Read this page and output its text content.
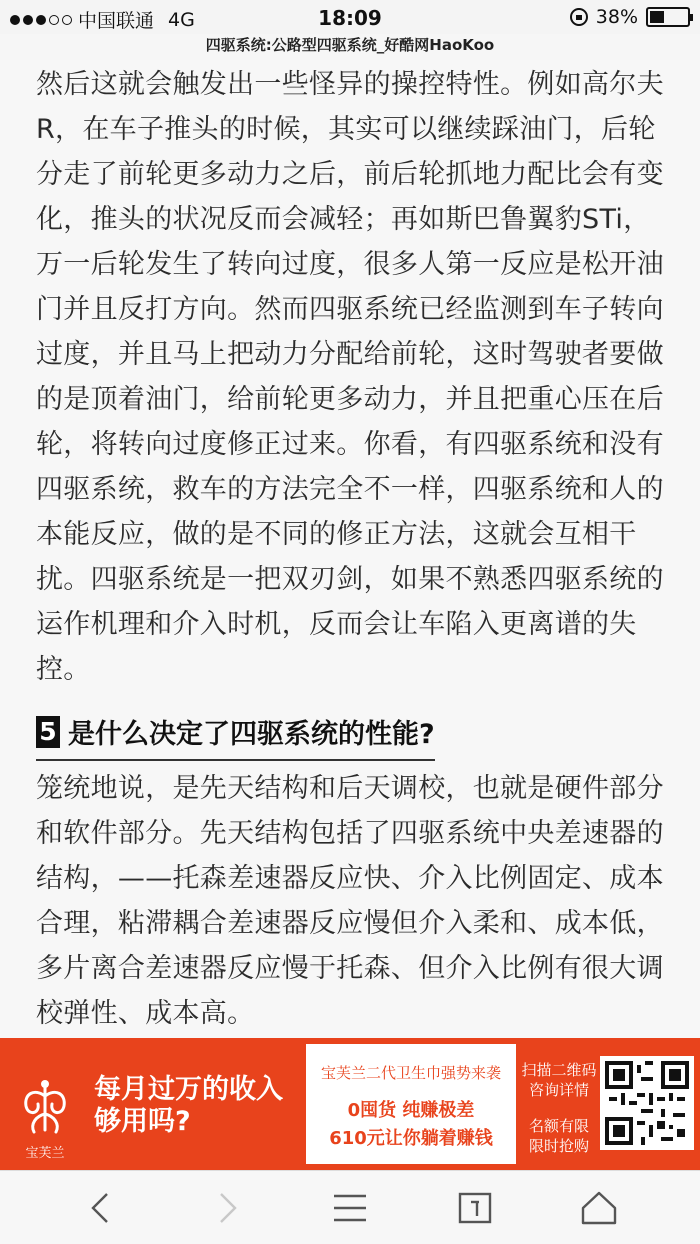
中国联通 4G	18:09	38%
四驱系统:公路型四驱系统_好酷网HaoKoo

然后这就会触发出一些怪异的操控特性。例如高尔夫R，在车子推头的时候，其实可以继续踩油门，后轮分走了前轮更多动力之后，前后轮抓地力配比会有变化，推头的状况反而会减轻；再如斯巴鲁翼豹STi，万一后轮发生了转向过度，很多人第一反应是松开油门并且反打方向。然而四驱系统已经监测到车子转向过度，并且马上把动力分配给前轮，这时驾驶者要做的是顶着油门，给前轮更多动力，并且把重心压在后轮，将转向过度修正过来。你看，有四驱系统和没有四驱系统，救车的方法完全不一样，四驱系统和人的本能反应，做的是不同的修正方法，这就会互相干扰。四驱系统是一把双刃剑，如果不熟悉四驱系统的运作机理和介入时机，反而会让车陷入更离谱的失控。

5 是什么决定了四驱系统的性能?

笼统地说，是先天结构和后天调校，也就是硬件部分和软件部分。先天结构包括了四驱系统中央差速器的结构，——托森差速器反应快、介入比例固定、成本合理，粘滞耦合差速器反应慢但介入柔和、成本低，多片离合差速器反应慢于托森、但介入比例有很大调校弹性、成本高。

宝芙兰
每月过万的收入
够用吗?
宝芙兰二代卫生巾强势来袭
0囤货 纯赚极差
610元让你躺着赚钱
扫描二维码
咨询详情
名额有限
限时抢购
